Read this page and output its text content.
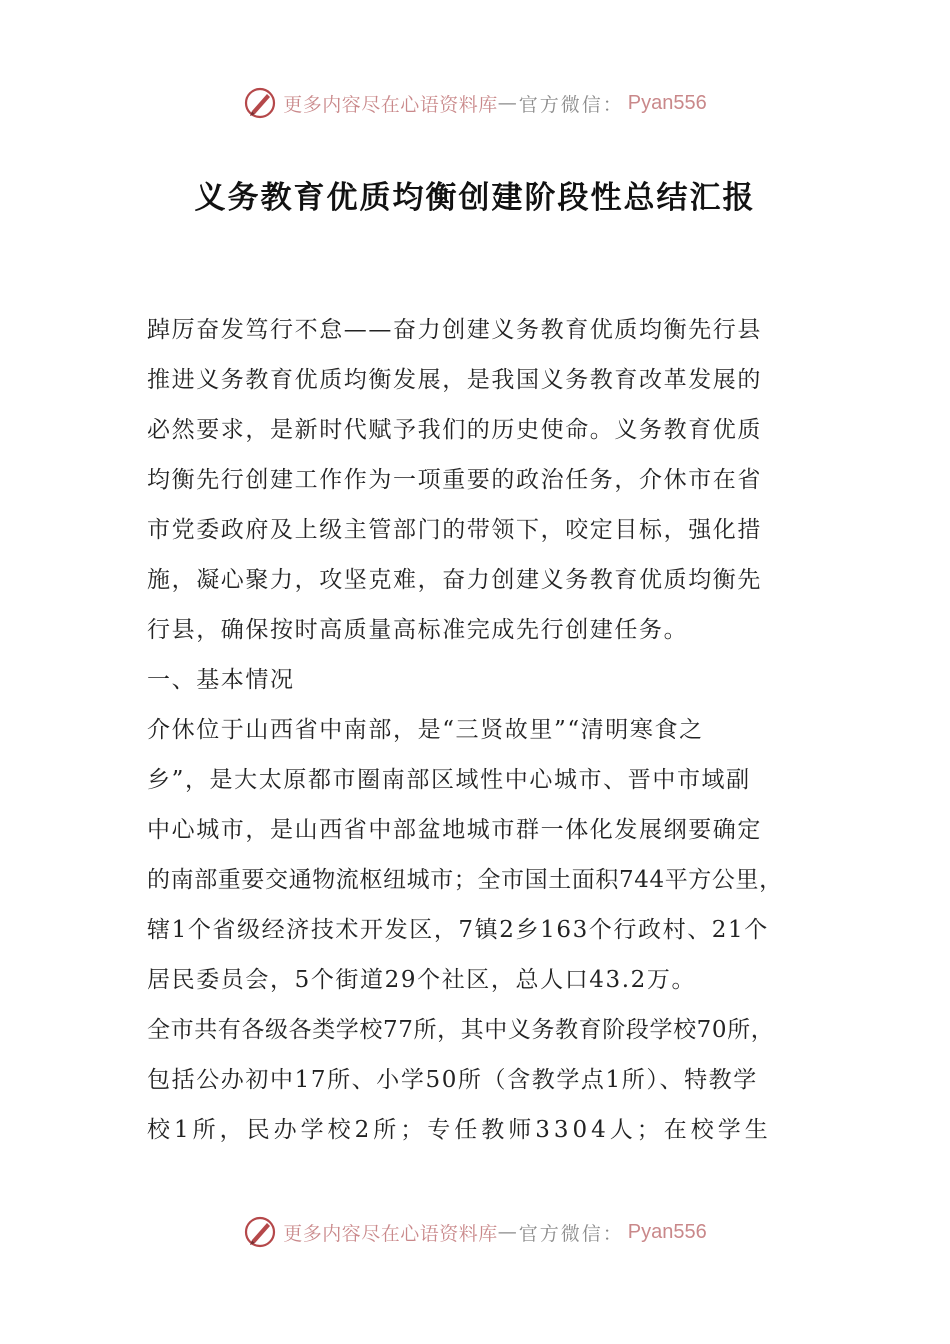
更多内容尽在心语资料库 — 官方微信： Pyan556
义务教育优质均衡创建阶段性总结汇报

踔厉奋发笃行不怠——奋力创建义务教育优质均衡先行县

推进义务教育优质均衡发展，是我国义务教育改革发展的

必然要求，是新时代赋予我们的历史使命。义务教育优质

均衡先行创建工作作为一项重要的政治任务，介休市在省

市党委政府及上级主管部门的带领下，咬定目标，强化措

施，凝心聚力，攻坚克难，奋力创建义务教育优质均衡先

行县，确保按时高质量高标准完成先行创建任务。

一、基本情况

介休位于山西省中南部，是“三贤故里”“清明寒食之

乡”，是大太原都市圈南部区域性中心城市、晋中市域副

中心城市，是山西省中部盆地城市群一体化发展纲要确定

的南部重要交通物流枢纽城市；全市国土面积744平方公里，

辖1个省级经济技术开发区，7镇2乡163个行政村、21个

居民委员会，5个街道29个社区，总人口43.2万。

全市共有各级各类学校77所，其中义务教育阶段学校70所，

包括公办初中17所、小学50所（含教学点1所）、特教学

校1所，民办学校2所；专任教师3304人；在校学生

更多内容尽在心语资料库 — 官方微信： Pyan556
